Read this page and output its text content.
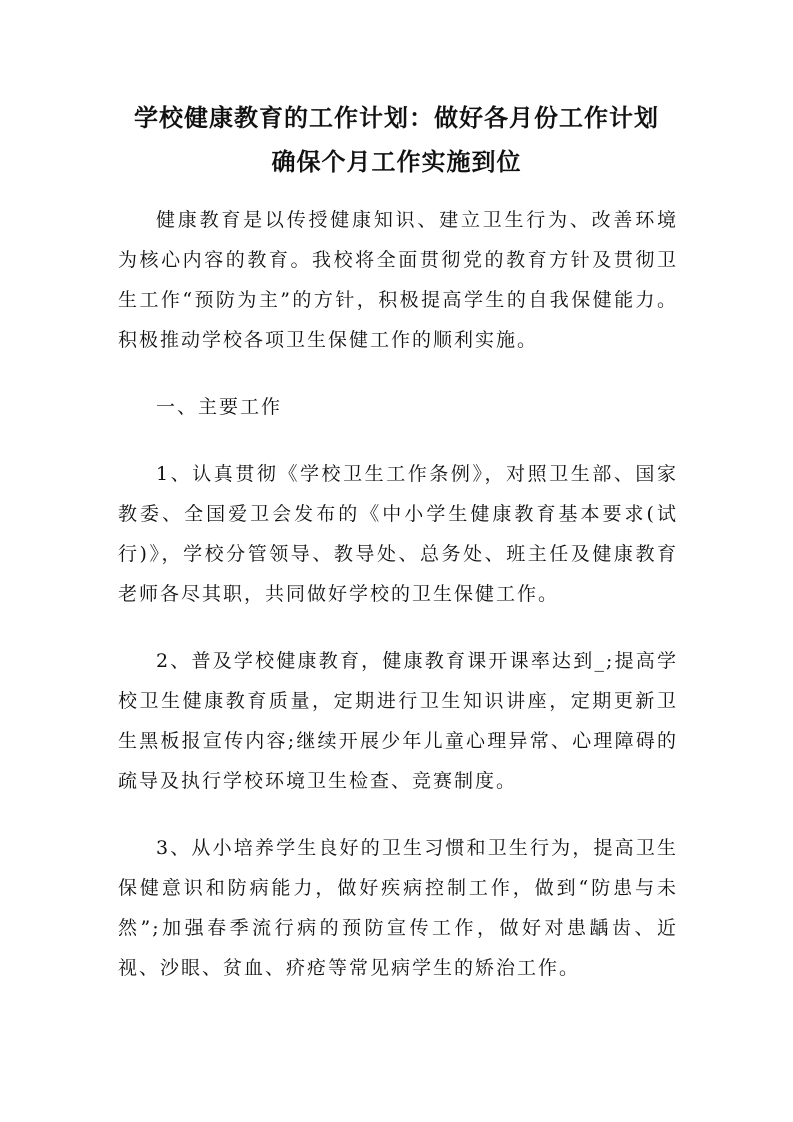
学校健康教育的工作计划：做好各月份工作计划
确保个月工作实施到位

健康教育是以传授健康知识、建立卫生行为、改善环境为核心内容的教育。我校将全面贯彻党的教育方针及贯彻卫生工作“预防为主”的方针，积极提高学生的自我保健能力。积极推动学校各项卫生保健工作的顺利实施。

一、主要工作

1、认真贯彻《学校卫生工作条例》，对照卫生部、国家教委、全国爱卫会发布的《中小学生健康教育基本要求(试行)》，学校分管领导、教导处、总务处、班主任及健康教育老师各尽其职，共同做好学校的卫生保健工作。

2、普及学校健康教育，健康教育课开课率达到_;提高学校卫生健康教育质量，定期进行卫生知识讲座，定期更新卫生黑板报宣传内容;继续开展少年儿童心理异常、心理障碍的疏导及执行学校环境卫生检查、竞赛制度。

3、从小培养学生良好的卫生习惯和卫生行为，提高卫生保健意识和防病能力，做好疾病控制工作，做到“防患与未然”;加强春季流行病的预防宣传工作，做好对患龋齿、近视、沙眼、贫血、疥疮等常见病学生的矫治工作。
